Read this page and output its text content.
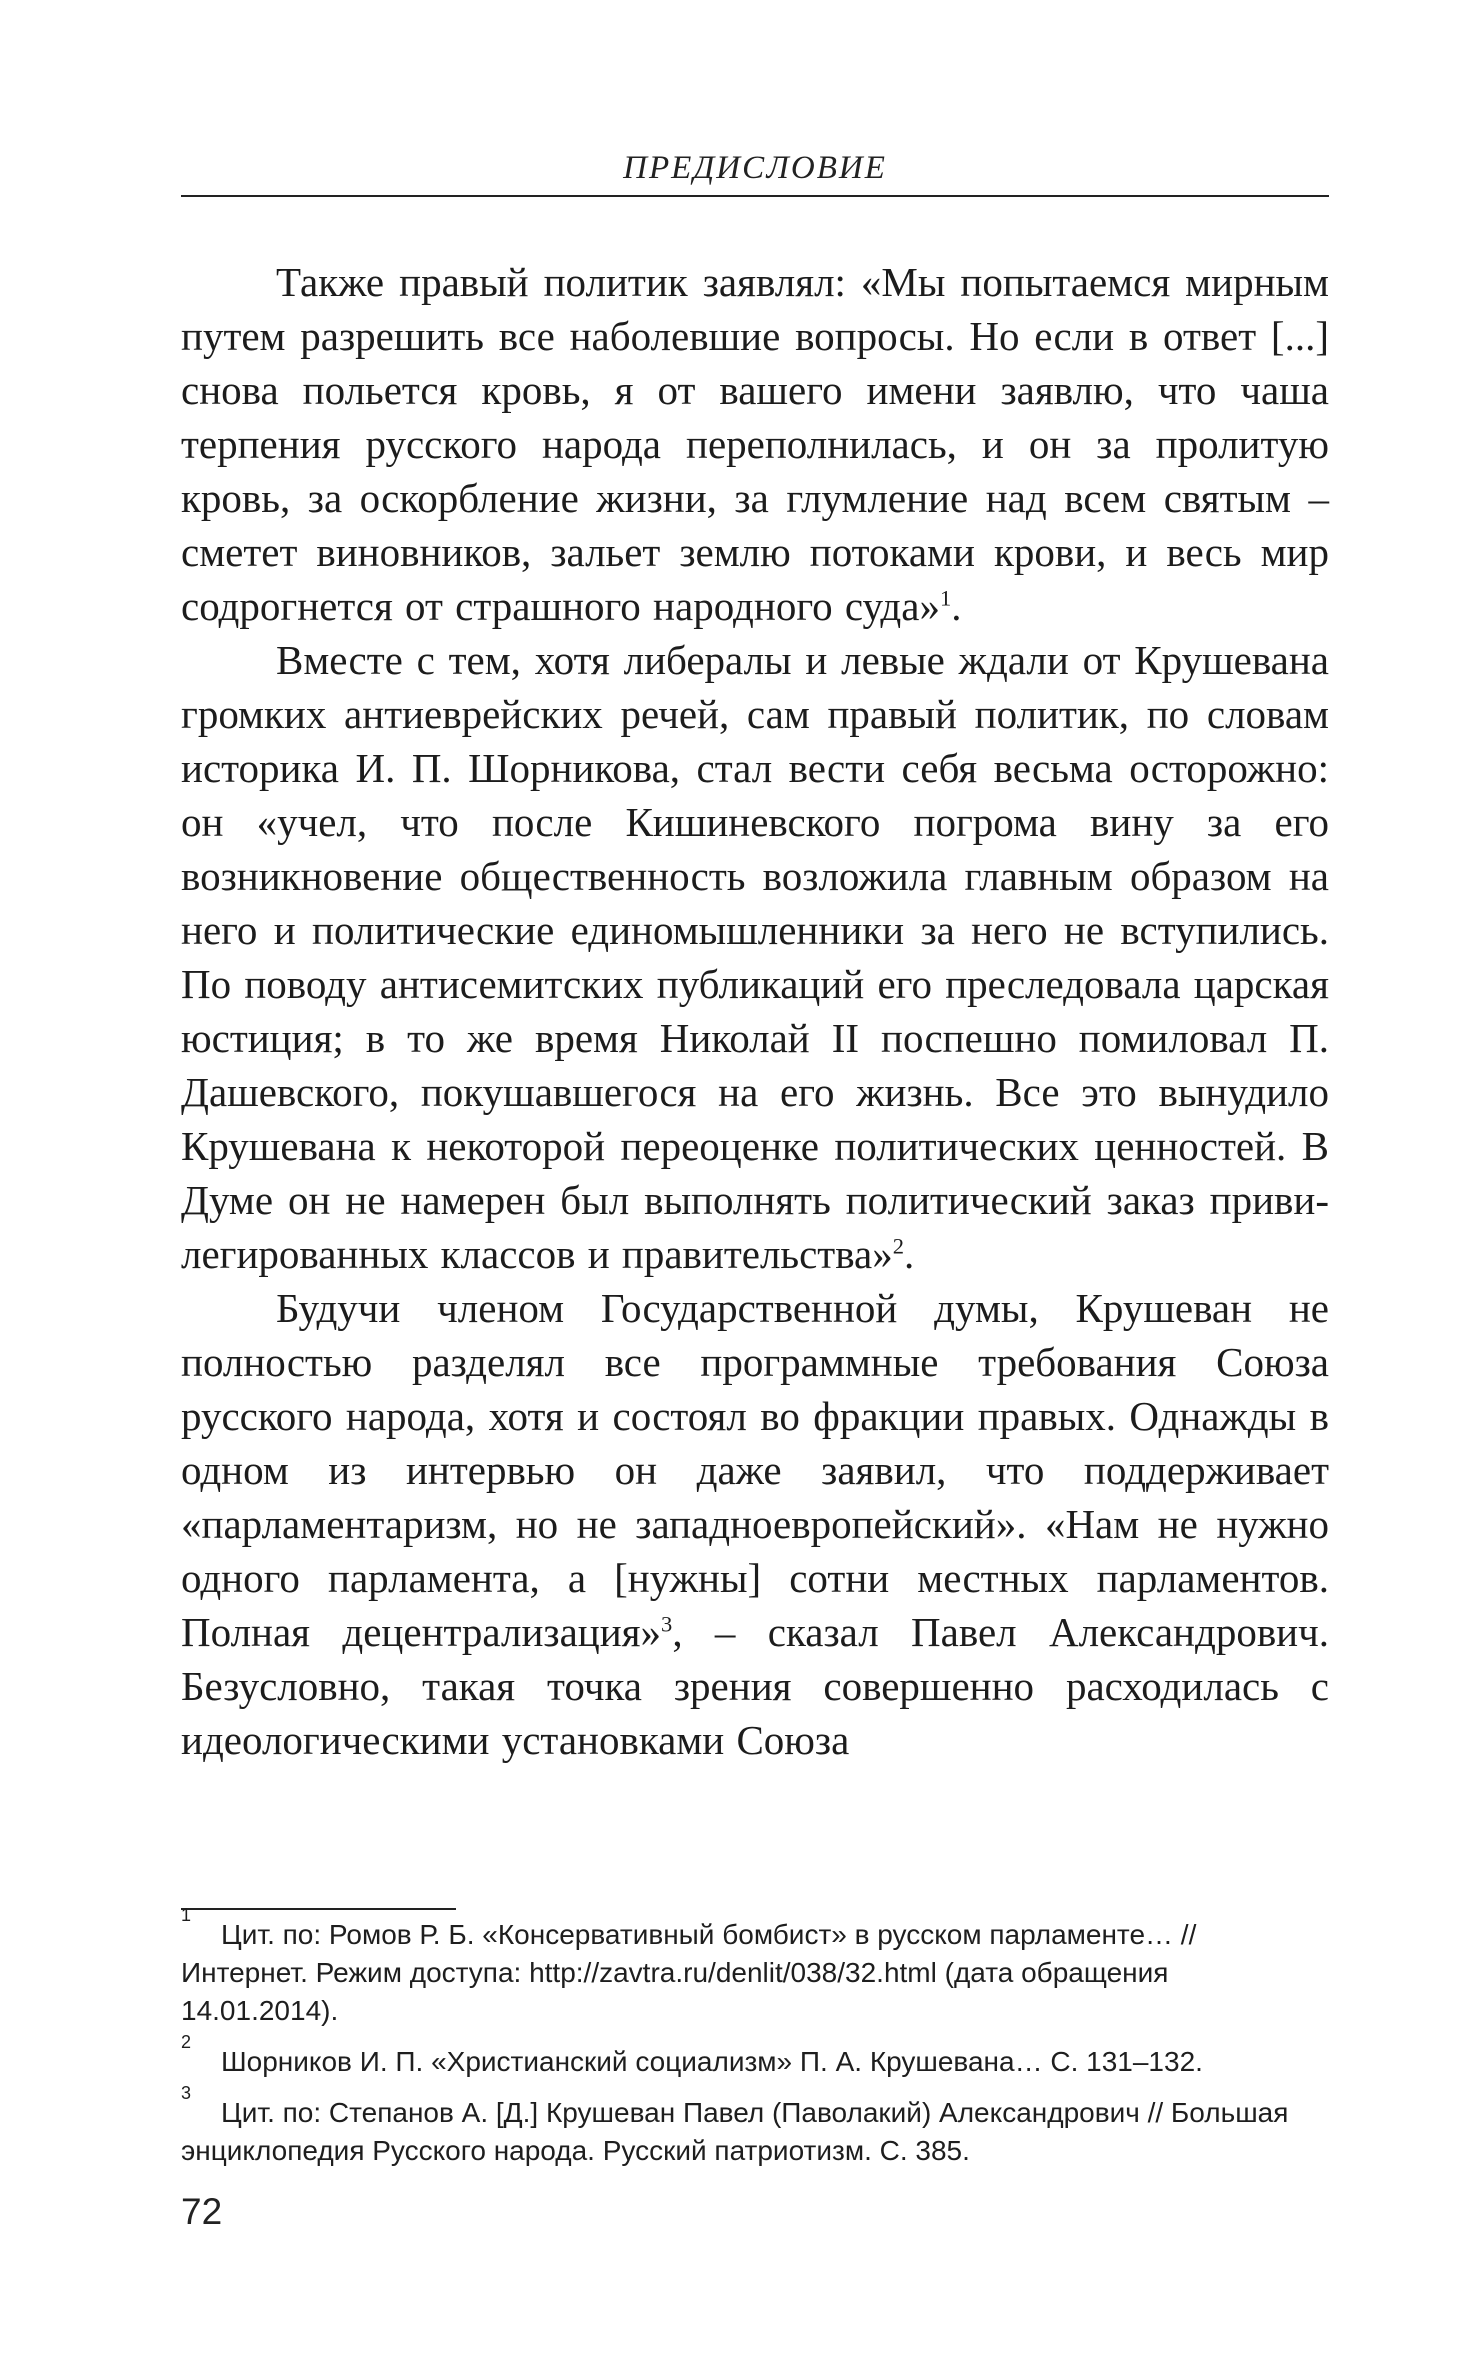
ПРЕДИСЛОВИЕ

Также правый политик заявлял: «Мы попытаемся мирным путем разрешить все наболевшие вопросы. Но если в ответ [...] снова польется кровь, я от вашего имени заявлю, что чаша терпения русского народа переполнилась, и он за пролитую кровь, за оскорбление жизни, за глумление над всем святым – сметет виновников, зальет землю потоками крови, и весь мир содрогнется от страшного народного суда»$^1$.

Вместе с тем, хотя либералы и левые ждали от Крушевана громких антиеврейских речей, сам правый политик, по словам историка И. П. Шорникова, стал вести себя весьма осторожно: он «учел, что после Кишиневского погрома вину за его возникновение общественность возложила главным образом на него и политические единомышленники за него не вступились. По поводу антисемитских публикаций его преследовала царская юстиция; в то же время Николай II поспешно помиловал П. Дашевского, покушавшегося на его жизнь. Все это вынудило Крушевана к некоторой переоценке политических ценностей. В Думе он не намерен был выполнять политический заказ привилегированных классов и правительства»$^2$.

Будучи членом Государственной думы, Крушеван не полностью разделял все программные требования Союза русского народа, хотя и состоял во фракции правых. Однажды в одном из интервью он даже заявил, что поддерживает «парламентаризм, но не западноевропейский». «Нам не нужно одного парламента, а [нужны] сотни местных парламентов. Полная децентрализация»$^3$, – сказал Павел Александрович. Безусловно, такая точка зрения совершенно расходилась с идеологическими установками Союза

1
Цит. по: Ромов Р. Б. «Консервативный бомбист» в русском парламенте… // Интернет. Режим доступа: http://zavtra.ru/denlit/038/32.html (дата обращения 14.01.2014).
2
Шорников И. П. «Христианский социализм» П. А. Крушевана… С. 131–132.
3
Цит. по: Степанов А. [Д.] Крушеван Павел (Паволакий) Александрович // Большая энциклопедия Русского народа. Русский патриотизм. С. 385.
72
